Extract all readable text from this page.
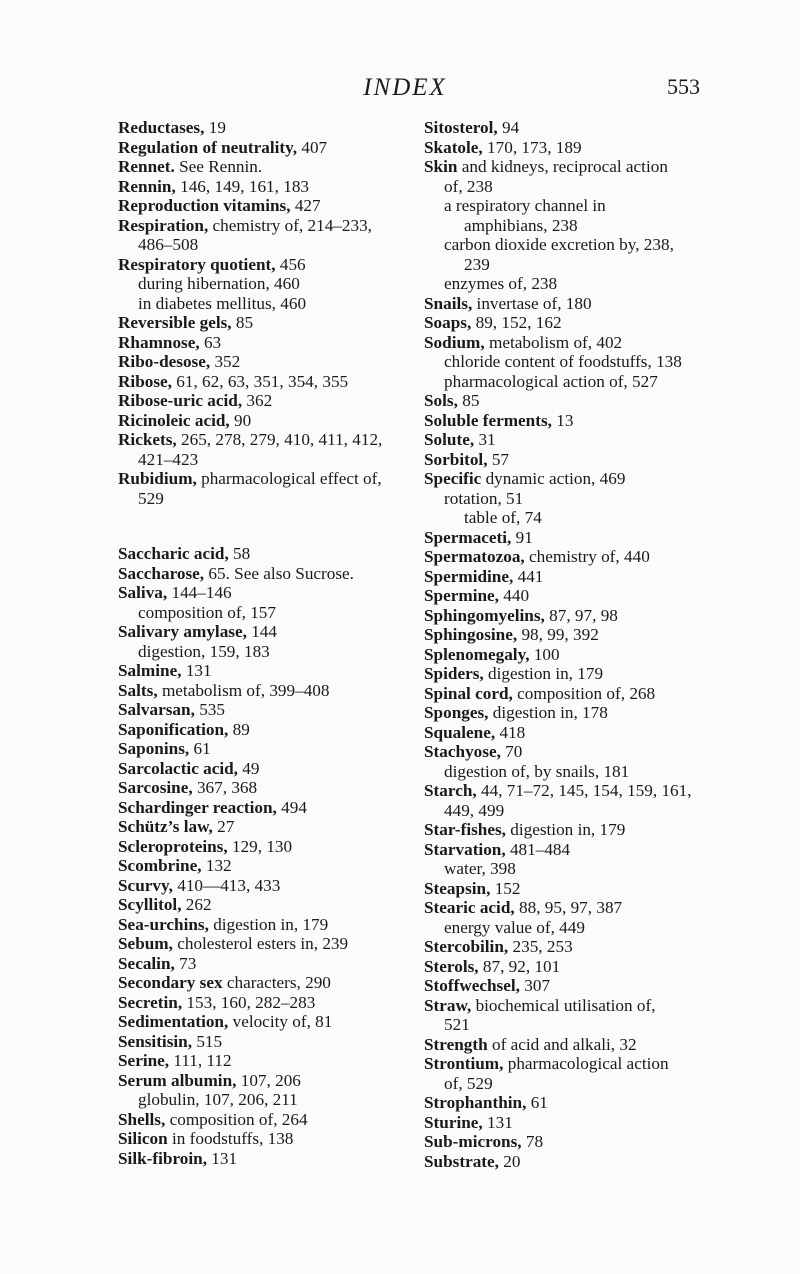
INDEX	553
Reductases, 19
Regulation of neutrality, 407
Rennet. See Rennin.
Rennin, 146, 149, 161, 183
Reproduction vitamins, 427
Respiration, chemistry of, 214–233,
486–508
Respiratory quotient, 456
during hibernation, 460
in diabetes mellitus, 460
Reversible gels, 85
Rhamnose, 63
Ribo-desose, 352
Ribose, 61, 62, 63, 351, 354, 355
Ribose-uric acid, 362
Ricinoleic acid, 90
Rickets, 265, 278, 279, 410, 411, 412,
421–423
Rubidium, pharmacological effect of,
529
Saccharic acid, 58
Saccharose, 65. See also Sucrose.
Saliva, 144–146
composition of, 157
Salivary amylase, 144
digestion, 159, 183
Salmine, 131
Salts, metabolism of, 399–408
Salvarsan, 535
Saponification, 89
Saponins, 61
Sarcolactic acid, 49
Sarcosine, 367, 368
Schardinger reaction, 494
Schütz’s law, 27
Scleroproteins, 129, 130
Scombrine, 132
Scurvy, 410—413, 433
Scyllitol, 262
Sea-urchins, digestion in, 179
Sebum, cholesterol esters in, 239
Secalin, 73
Secondary sex characters, 290
Secretin, 153, 160, 282–283
Sedimentation, velocity of, 81
Sensitisin, 515
Serine, 111, 112
Serum albumin, 107, 206
globulin, 107, 206, 211
Shells, composition of, 264
Silicon in foodstuffs, 138
Silk-fibroin, 131
Sitosterol, 94
Skatole, 170, 173, 189
Skin and kidneys, reciprocal action
of, 238
a respiratory channel in
amphibians, 238
carbon dioxide excretion by, 238,
239
enzymes of, 238
Snails, invertase of, 180
Soaps, 89, 152, 162
Sodium, metabolism of, 402
chloride content of foodstuffs, 138
pharmacological action of, 527
Sols, 85
Soluble ferments, 13
Solute, 31
Sorbitol, 57
Specific dynamic action, 469
rotation, 51
table of, 74
Spermaceti, 91
Spermatozoa, chemistry of, 440
Spermidine, 441
Spermine, 440
Sphingomyelins, 87, 97, 98
Sphingosine, 98, 99, 392
Splenomegaly, 100
Spiders, digestion in, 179
Spinal cord, composition of, 268
Sponges, digestion in, 178
Squalene, 418
Stachyose, 70
digestion of, by snails, 181
Starch, 44, 71–72, 145, 154, 159, 161,
449, 499
Star-fishes, digestion in, 179
Starvation, 481–484
water, 398
Steapsin, 152
Stearic acid, 88, 95, 97, 387
energy value of, 449
Stercobilin, 235, 253
Sterols, 87, 92, 101
Stoffwechsel, 307
Straw, biochemical utilisation of,
521
Strength of acid and alkali, 32
Strontium, pharmacological action
of, 529
Strophanthin, 61
Sturine, 131
Sub-microns, 78
Substrate, 20
